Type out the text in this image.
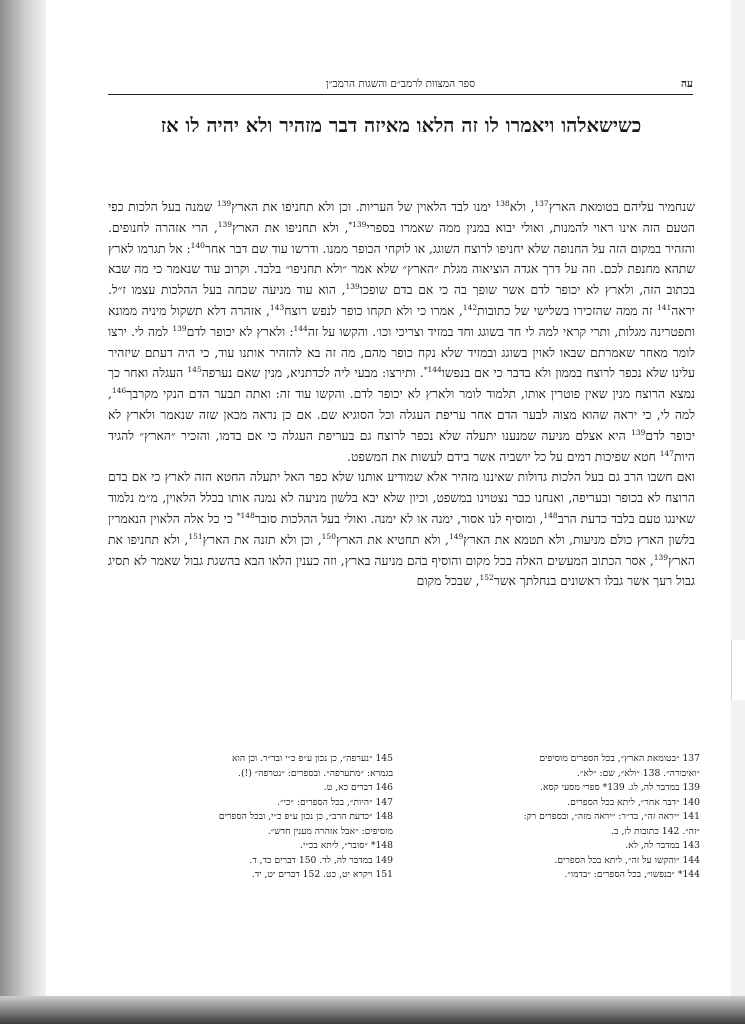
עה
ספר המצוות לרמב״ם והשגות הרמב״ן
כשישאלהו ויאמרו לו זה הלאו מאיזה דבר מזהיר ולא יהיה לו אז

שנחמיר עליהם בטומאת הארץ$^{137}$, ולא$^{138}$ ימנו לבד הלאוין של העריות. וכן ולא תחניפו את הארץ$^{139}$ שמנה בעל הלכות כפי הטעם הזה אינו ראוי להמנות, ואולי יבוא במנין ממה שאמרו בספרי$^{139*}$, ולא תחניפו את הארץ$^{139}$, הרי אזהרה לחנופים. והזהיר במקום הזה על החנופה שלא יחניפו לרוצח השוגג, או לוקחי הכופר ממנו. ודרשו עוד שם דבר אחר$^{140}$: אל תגרמו לארץ שתהא מחנפת לכם. וזה על דרך אגדה הוציאוה מגלת ״הארץ״ שלא אמר ״ולא תחניפו״ בלבד. וקרוב עוד שנאמר כי מה שבא בכתוב הזה, ולארץ לא יכופר לדם אשר שופך בה כי אם בדם שופכו$^{139}$, הוא עוד מניעה שכחה בעל ההלכות עצמו ז״ל. יראה$^{141}$ זה ממה שהזכירו בשלישי של כתובות$^{142}$, אמרו כי ולא תקחו כופר לנפש רוצח$^{143}$, אזהרה דלא תשקול מיניה ממונא ותפטרינה מגלות, ותרי קראי למה לי חד בשוגג וחד במזיד וצריכי וכו׳. והקשו על זה$^{144}$: ולארץ לא יכופר לדם$^{139}$ למה לי. ירצו לומר מאחר שאמרתם שבאו לאוין בשוגג ובמזיד שלא נקח כופר מהם, מה זה בא להזהיר אותנו עוד, כי היה דעתם שיזהיר עלינו שלא נכפר לרוצח בממון ולא בדבר כי אם בנפשו$^{144*}$. ותירצו: מבעי ליה לכדתניא, מנין שאם נערפה$^{145}$ העגלה ואחר כך נמצא הרוצח מנין שאין פוטרין אותו, תלמוד לומר ולארץ לא יכופר לדם. והקשו עוד זה: ואתה תבער הדם הנקי מקרבך$^{146}$, למה לי, כי יראה שהוא מצוה לבער הדם אחר עריפת העגלה וכל הסוגיא שם. אם כן נראה מכאן שזה שנאמר ולארץ לא יכופר לדם$^{139}$ היא אצלם מניעה שמנענו יתעלה שלא נכפר לרוצח גם בעריפת העגלה כי אם בדמו, והזכיר ״הארץ״ להגיד היות$^{147}$ חטא שפיכות דמים על כל יושביה אשר בידם לעשות את המשפט.

ואם חשבו הרב גם בעל הלכות גדולות שאיננו מזהיר אלא שמודיע אותנו שלא כפר האל יתעלה החטא הזה לארץ כי אם בדם הרוצח לא בכופר ובעריפה, ואנחנו כבר נצטוינו במשפט, וכיון שלא יבא בלשון מניעה לא נמנה אותו בכלל הלאוין, מ״מ נלמוד שאינגו טעם בלבד כדעת הרב$^{148}$, ומוסיף לנו אסור, ימנה או לא ימנה. ואולי בעל ההלכות סובר$^{148*}$ כי כל אלה הלאוין הנאמרין בלשון הארץ כולם מניעות, ולא תטמא את הארץ$^{149}$, ולא תחטיא את הארץ$^{150}$, וכן ולא תזנה את הארץ$^{151}$, ולא תחניפו את הארץ$^{139}$, אסר הכתוב המעשים האלה בכל מקום והוסיף בהם מניעה בארץ, וזה כענין הלאו הבא בהשגת גבול שאמר לא תסיג גבול רעך אשר גבלו ראשונים בנחלתך אשר$^{152}$, שבכל מקום

137 ״בטומאת הארץ״, בכל הספרים מוסיפים
״ואיבורה״. 138 ״ולא״, שם: ״לא״.
139 במדבר לה, לג. 139* ספרי מסעי קסא.
140 ״דבר אחר״, ליתא בכל הספרים.
141 ״יראה זה״, בד״ר: ״יראה מזה״, ובספרים רק:
״זה״. 142 כתובות לז, ב.
143 במדבר לה, לא.
144 ״והקשו על זה״, ליתא בכל הספרים.
144* ״בנפשו״, בכל הספרים: ״בדמו״.
145 ״נערפה״, כן נכון ע״פ כ״י ובד״ר. וכן הוא
בגמרא: ״מתערפה״. ובספרים: ״נטרפה״ (!).
146 דברים כא, ט.
147 ״היות״, בכל הספרים: ״כי״.
148 ״כדעת הרב״, כן נכון ע״פ כ״י, ובכל הספרים
מוסיפים: ״אבל אזהרה מענין חדש״.
148* ״סובר״, ליתא בכ״י.
149 במדבר לה, לד. 150 דברים כד, ד.
151 ויקרא יט, כט. 152 דברים יט, יד.
